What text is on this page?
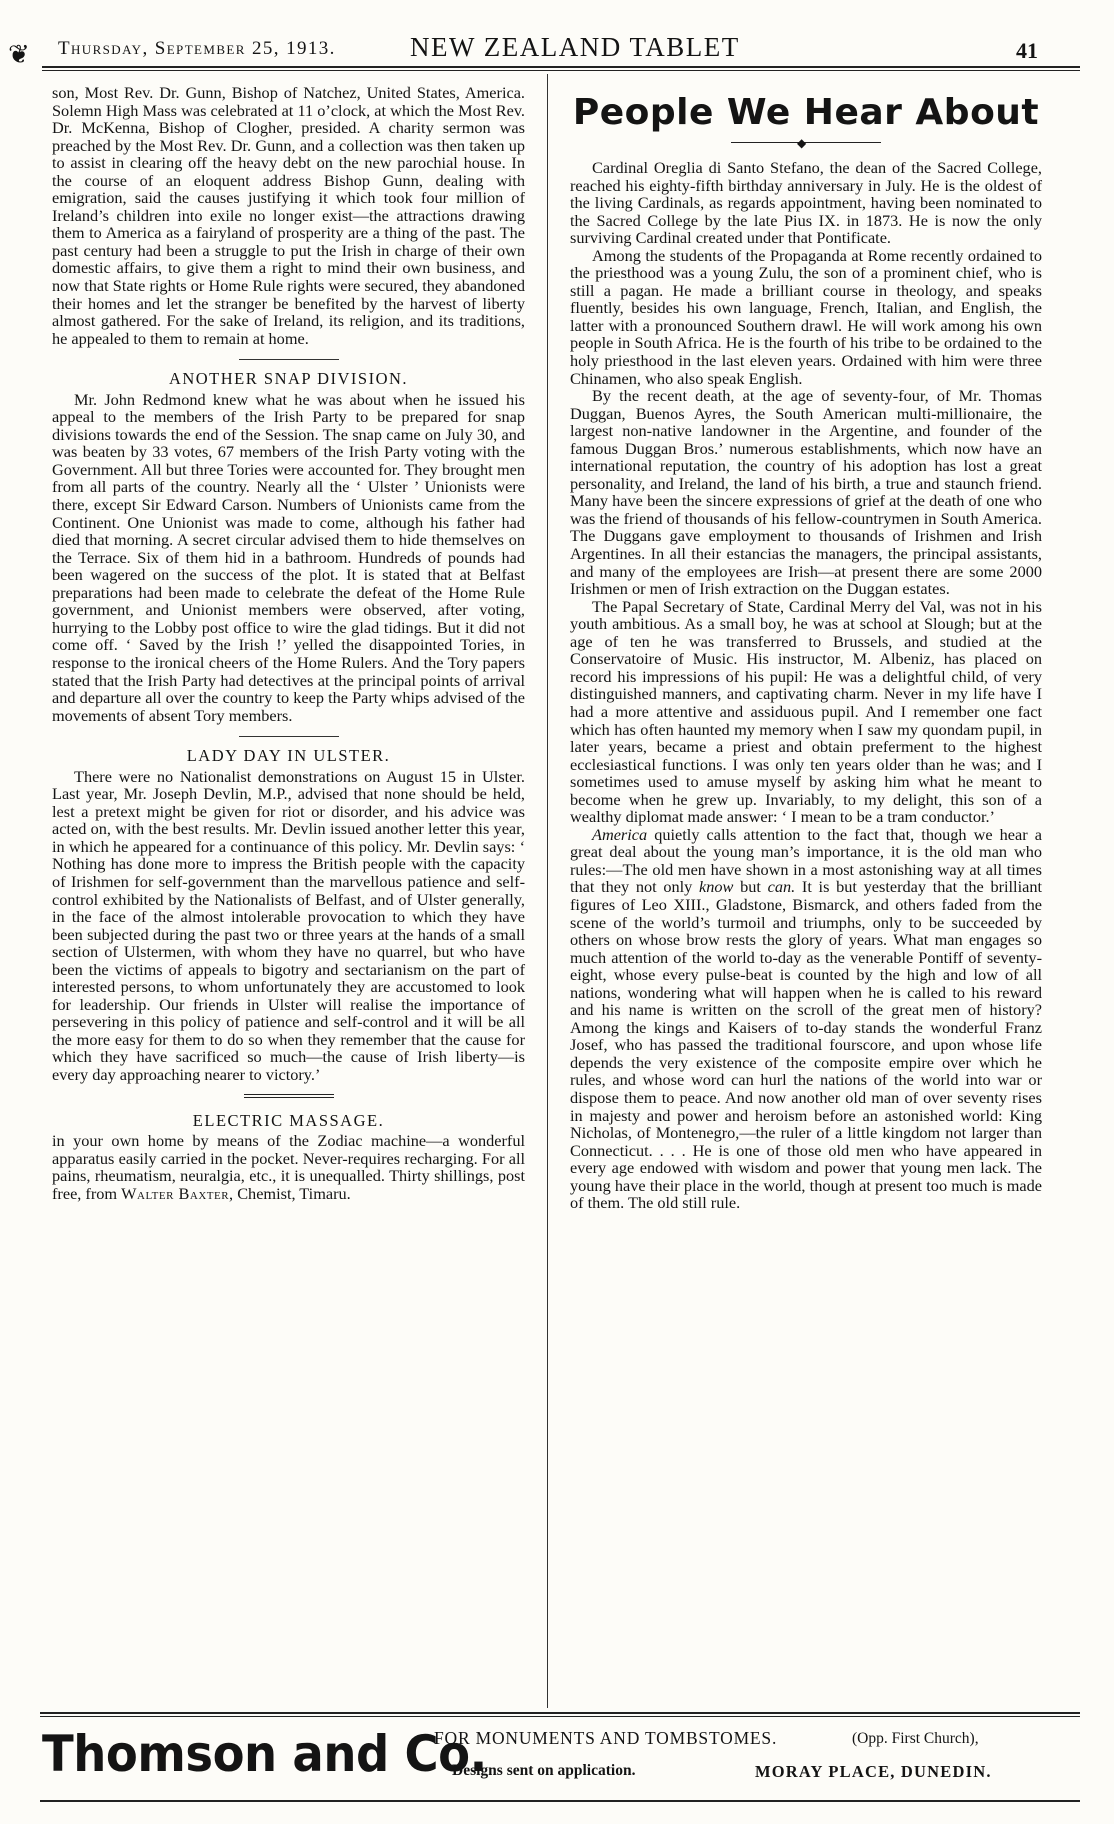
❦ Thursday, September 25, 1913.	NEW ZEALAND TABLET	41

son, Most Rev. Dr. Gunn, Bishop of Natchez, United States, America. Solemn High Mass was celebrated at 11 o’clock, at which the Most Rev. Dr. McKenna, Bishop of Clogher, presided. A charity sermon was preached by the Most Rev. Dr. Gunn, and a collection was then taken up to assist in clearing off the heavy debt on the new parochial house. In the course of an eloquent address Bishop Gunn, dealing with emigration, said the causes justifying it which took four million of Ireland’s children into exile no longer exist—the attractions drawing them to America as a fairyland of prosperity are a thing of the past. The past century had been a struggle to put the Irish in charge of their own domestic affairs, to give them a right to mind their own business, and now that State rights or Home Rule rights were secured, they abandoned their homes and let the stranger be benefited by the harvest of liberty almost gathered. For the sake of Ireland, its religion, and its traditions, he appealed to them to remain at home.

ANOTHER SNAP DIVISION.

Mr. John Redmond knew what he was about when he issued his appeal to the members of the Irish Party to be prepared for snap divisions towards the end of the Session. The snap came on July 30, and was beaten by 33 votes, 67 members of the Irish Party voting with the Government. All but three Tories were accounted for. They brought men from all parts of the country. Nearly all the ‘ Ulster ’ Unionists were there, except Sir Edward Carson. Numbers of Unionists came from the Continent. One Unionist was made to come, although his father had died that morning. A secret circular advised them to hide themselves on the Terrace. Six of them hid in a bathroom. Hundreds of pounds had been wagered on the success of the plot. It is stated that at Belfast preparations had been made to celebrate the defeat of the Home Rule government, and Unionist members were observed, after voting, hurrying to the Lobby post office to wire the glad tidings. But it did not come off. ‘ Saved by the Irish !’ yelled the disappointed Tories, in response to the ironical cheers of the Home Rulers. And the Tory papers stated that the Irish Party had detectives at the principal points of arrival and departure all over the country to keep the Party whips advised of the movements of absent Tory members.

LADY DAY IN ULSTER.

There were no Nationalist demonstrations on August 15 in Ulster. Last year, Mr. Joseph Devlin, M.P., advised that none should be held, lest a pretext might be given for riot or disorder, and his advice was acted on, with the best results. Mr. Devlin issued another letter this year, in which he appeared for a continuance of this policy. Mr. Devlin says: ‘ Nothing has done more to impress the British people with the capacity of Irishmen for self-government than the marvellous patience and self-control exhibited by the Nationalists of Belfast, and of Ulster generally, in the face of the almost intolerable provocation to which they have been subjected during the past two or three years at the hands of a small section of Ulstermen, with whom they have no quarrel, but who have been the victims of appeals to bigotry and sectarianism on the part of interested persons, to whom unfortunately they are accustomed to look for leadership. Our friends in Ulster will realise the importance of persevering in this policy of patience and self-control and it will be all the more easy for them to do so when they remember that the cause for which they have sacrificed so much—the cause of Irish liberty—is every day approaching nearer to victory.’

ELECTRIC MASSAGE.

in your own home by means of the Zodiac machine—a wonderful apparatus easily carried in the pocket. Never-requires recharging. For all pains, rheumatism, neuralgia, etc., it is unequalled. Thirty shillings, post free, from Walter Baxter, Chemist, Timaru.

People We Hear About
◆

Cardinal Oreglia di Santo Stefano, the dean of the Sacred College, reached his eighty-fifth birthday anniversary in July. He is the oldest of the living Cardinals, as regards appointment, having been nominated to the Sacred College by the late Pius IX. in 1873. He is now the only surviving Cardinal created under that Pontificate.

Among the students of the Propaganda at Rome recently ordained to the priesthood was a young Zulu, the son of a prominent chief, who is still a pagan. He made a brilliant course in theology, and speaks fluently, besides his own language, French, Italian, and English, the latter with a pronounced Southern drawl. He will work among his own people in South Africa. He is the fourth of his tribe to be ordained to the holy priesthood in the last eleven years. Ordained with him were three Chinamen, who also speak English.

By the recent death, at the age of seventy-four, of Mr. Thomas Duggan, Buenos Ayres, the South American multi-millionaire, the largest non-native landowner in the Argentine, and founder of the famous Duggan Bros.’ numerous establishments, which now have an international reputation, the country of his adoption has lost a great personality, and Ireland, the land of his birth, a true and staunch friend. Many have been the sincere expressions of grief at the death of one who was the friend of thousands of his fellow-countrymen in South America. The Duggans gave employment to thousands of Irishmen and Irish Argentines. In all their estancias the managers, the principal assistants, and many of the employees are Irish—at present there are some 2000 Irishmen or men of Irish extraction on the Duggan estates.

The Papal Secretary of State, Cardinal Merry del Val, was not in his youth ambitious. As a small boy, he was at school at Slough; but at the age of ten he was transferred to Brussels, and studied at the Conservatoire of Music. His instructor, M. Albeniz, has placed on record his impressions of his pupil: He was a delightful child, of very distinguished manners, and captivating charm. Never in my life have I had a more attentive and assiduous pupil. And I remember one fact which has often haunted my memory when I saw my quondam pupil, in later years, became a priest and obtain preferment to the highest ecclesiastical functions. I was only ten years older than he was; and I sometimes used to amuse myself by asking him what he meant to become when he grew up. Invariably, to my delight, this son of a wealthy diplomat made answer: ‘ I mean to be a tram conductor.’

America quietly calls attention to the fact that, though we hear a great deal about the young man’s importance, it is the old man who rules:—The old men have shown in a most astonishing way at all times that they not only know but can. It is but yesterday that the brilliant figures of Leo XIII., Gladstone, Bismarck, and others faded from the scene of the world’s turmoil and triumphs, only to be succeeded by others on whose brow rests the glory of years. What man engages so much attention of the world to-day as the venerable Pontiff of seventy-eight, whose every pulse-beat is counted by the high and low of all nations, wondering what will happen when he is called to his reward and his name is written on the scroll of the great men of history? Among the kings and Kaisers of to-day stands the wonderful Franz Josef, who has passed the traditional fourscore, and upon whose life depends the very existence of the composite empire over which he rules, and whose word can hurl the nations of the world into war or dispose them to peace. And now another old man of over seventy rises in majesty and power and heroism before an astonished world: King Nicholas, of Montenegro,—the ruler of a little kingdom not larger than Connecticut. . . . He is one of those old men who have appeared in every age endowed with wisdom and power that young men lack. The young have their place in the world, though at present too much is made of them. The old still rule.

Thomson and Co.
FOR MONUMENTS AND TOMBSTOMES.	(Opp. First Church),
Designs sent on application.	MORAY PLACE, DUNEDIN.
